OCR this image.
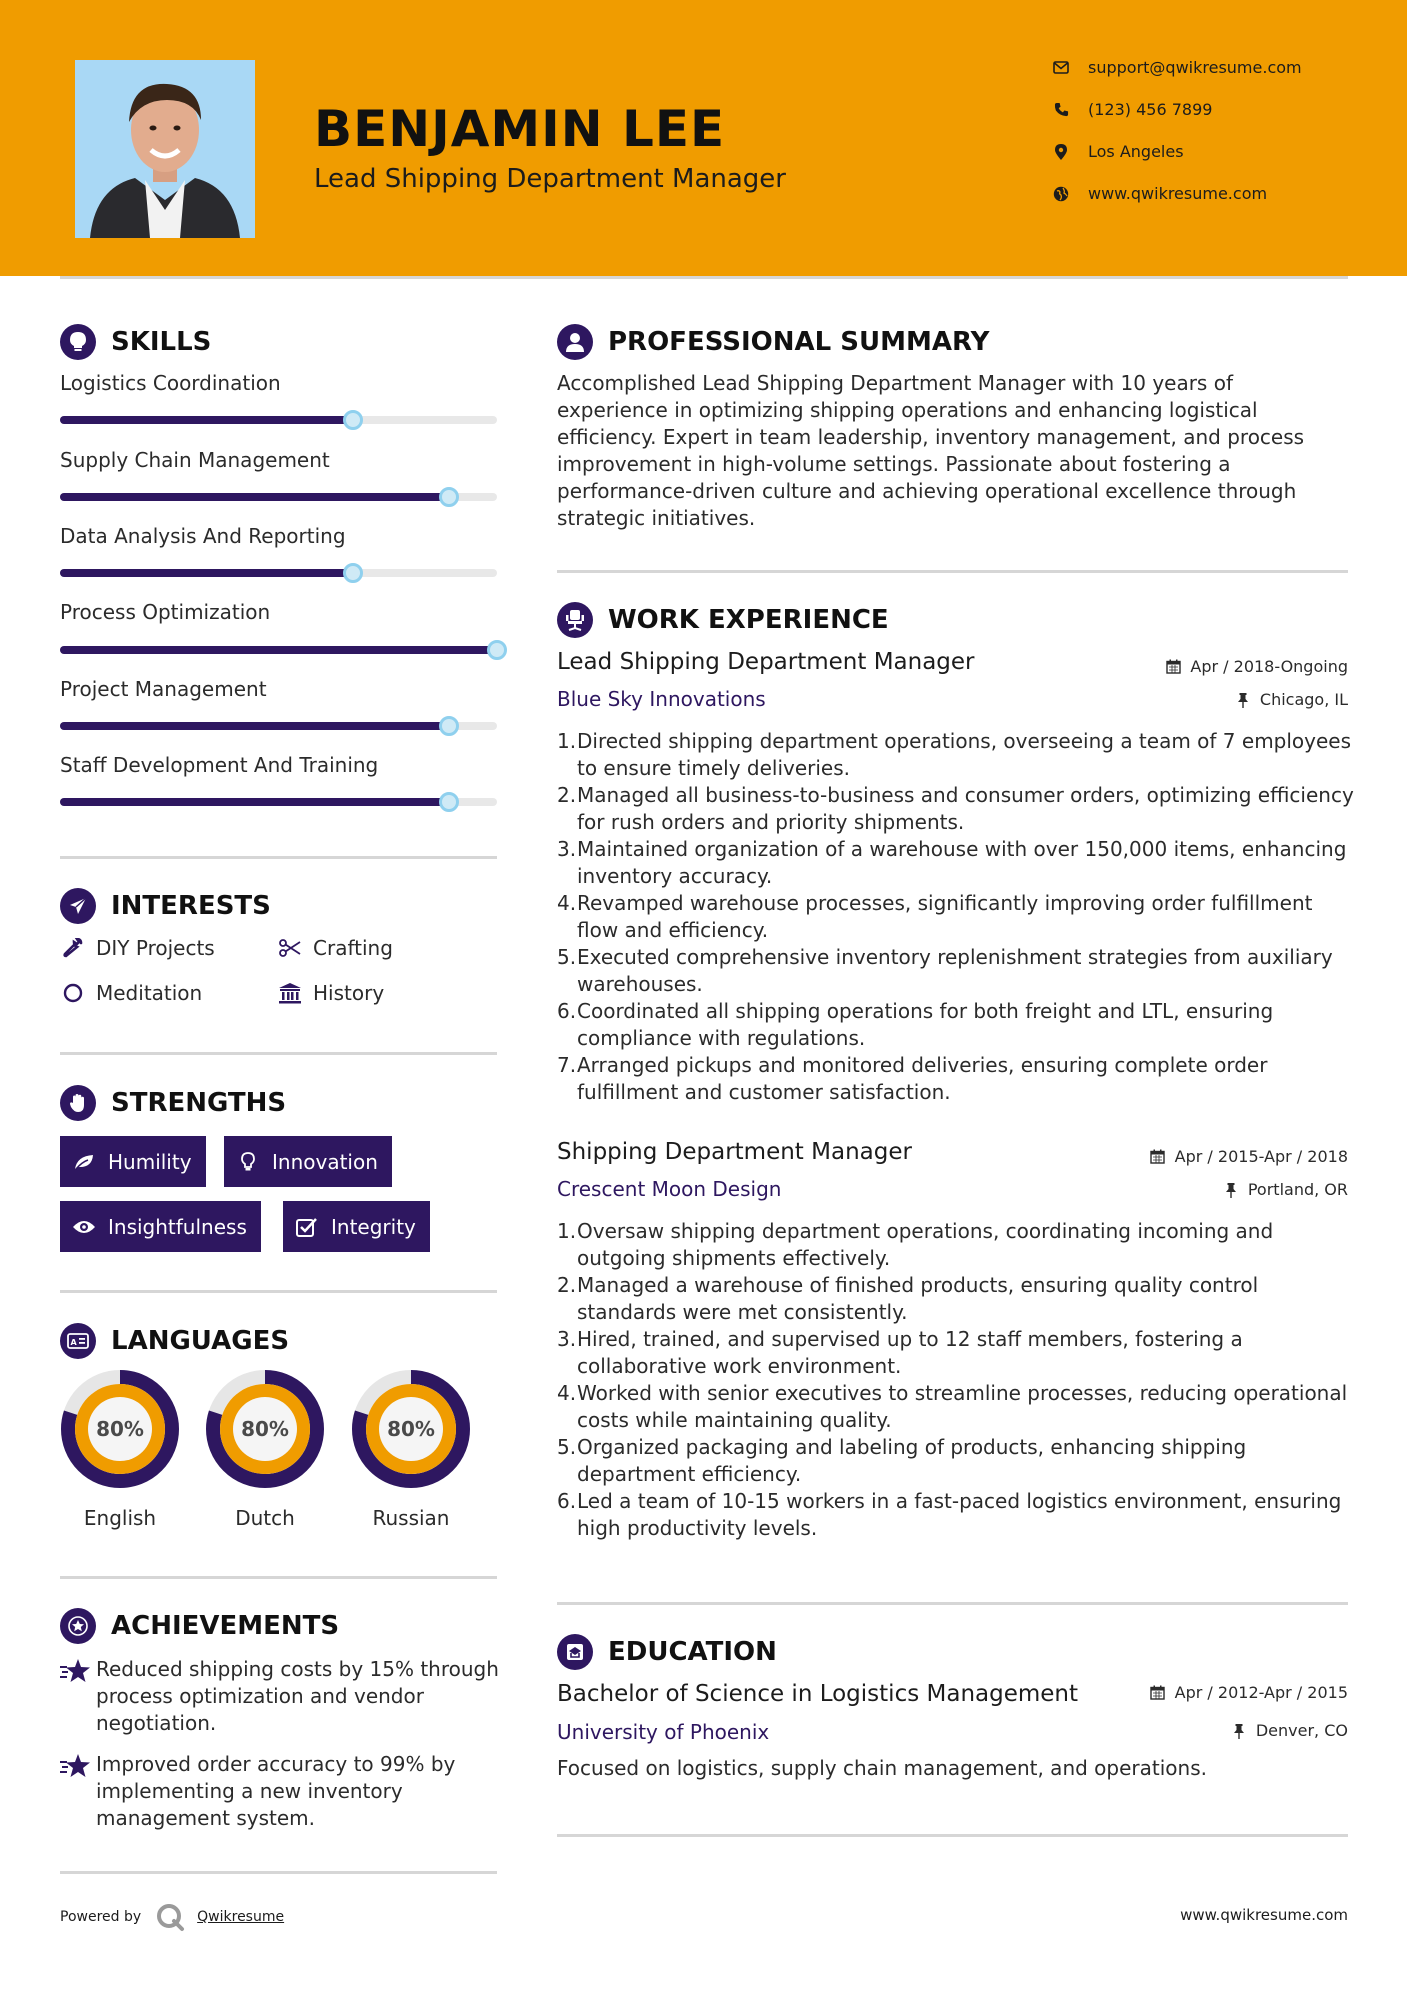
BENJAMIN LEE
Lead Shipping Department Manager
support@qwikresume.com
(123) 456 7899
Los Angeles
www.qwikresume.com
SKILLS
Logistics Coordination
Supply Chain Management
Data Analysis And Reporting
Process Optimization
Project Management
Staff Development And Training
INTERESTS
DIY Projects	Crafting
Meditation	History
STRENGTHS
Humility	Innovation
Insightfulness	Integrity
A LANGUAGES
80%
English
80%
Dutch
80%
Russian
ACHIEVEMENTS
Reduced shipping costs by 15% through process optimization and vendor negotiation.
Improved order accuracy to 99% by implementing a new inventory management system.
PROFESSIONAL SUMMARY
Accomplished Lead Shipping Department Manager with 10 years of experience in optimizing shipping operations and enhancing logistical efficiency. Expert in team leadership, inventory management, and process improvement in high-volume settings. Passionate about fostering a performance-driven culture and achieving operational excellence through strategic initiatives.
WORK EXPERIENCE
Lead Shipping Department Manager	Apr / 2018-Ongoing
Blue Sky Innovations	Chicago, IL
1. Directed shipping department operations, overseeing a team of 7 employees to ensure timely deliveries.
2. Managed all business-to-business and consumer orders, optimizing efficiency for rush orders and priority shipments.
3. Maintained organization of a warehouse with over 150,000 items, enhancing inventory accuracy.
4. Revamped warehouse processes, significantly improving order fulfillment flow and efficiency.
5. Executed comprehensive inventory replenishment strategies from auxiliary warehouses.
6. Coordinated all shipping operations for both freight and LTL, ensuring compliance with regulations.
7. Arranged pickups and monitored deliveries, ensuring complete order fulfillment and customer satisfaction.
Shipping Department Manager	Apr / 2015-Apr / 2018
Crescent Moon Design	Portland, OR
1. Oversaw shipping department operations, coordinating incoming and outgoing shipments effectively.
2. Managed a warehouse of finished products, ensuring quality control standards were met consistently.
3. Hired, trained, and supervised up to 12 staff members, fostering a collaborative work environment.
4. Worked with senior executives to streamline processes, reducing operational costs while maintaining quality.
5. Organized packaging and labeling of products, enhancing shipping department efficiency.
6. Led a team of 10-15 workers in a fast-paced logistics environment, ensuring high productivity levels.
EDUCATION
Bachelor of Science in Logistics Management	Apr / 2012-Apr / 2015
University of Phoenix	Denver, CO
Focused on logistics, supply chain management, and operations.
Powered by	Qwikresume	www.qwikresume.com
